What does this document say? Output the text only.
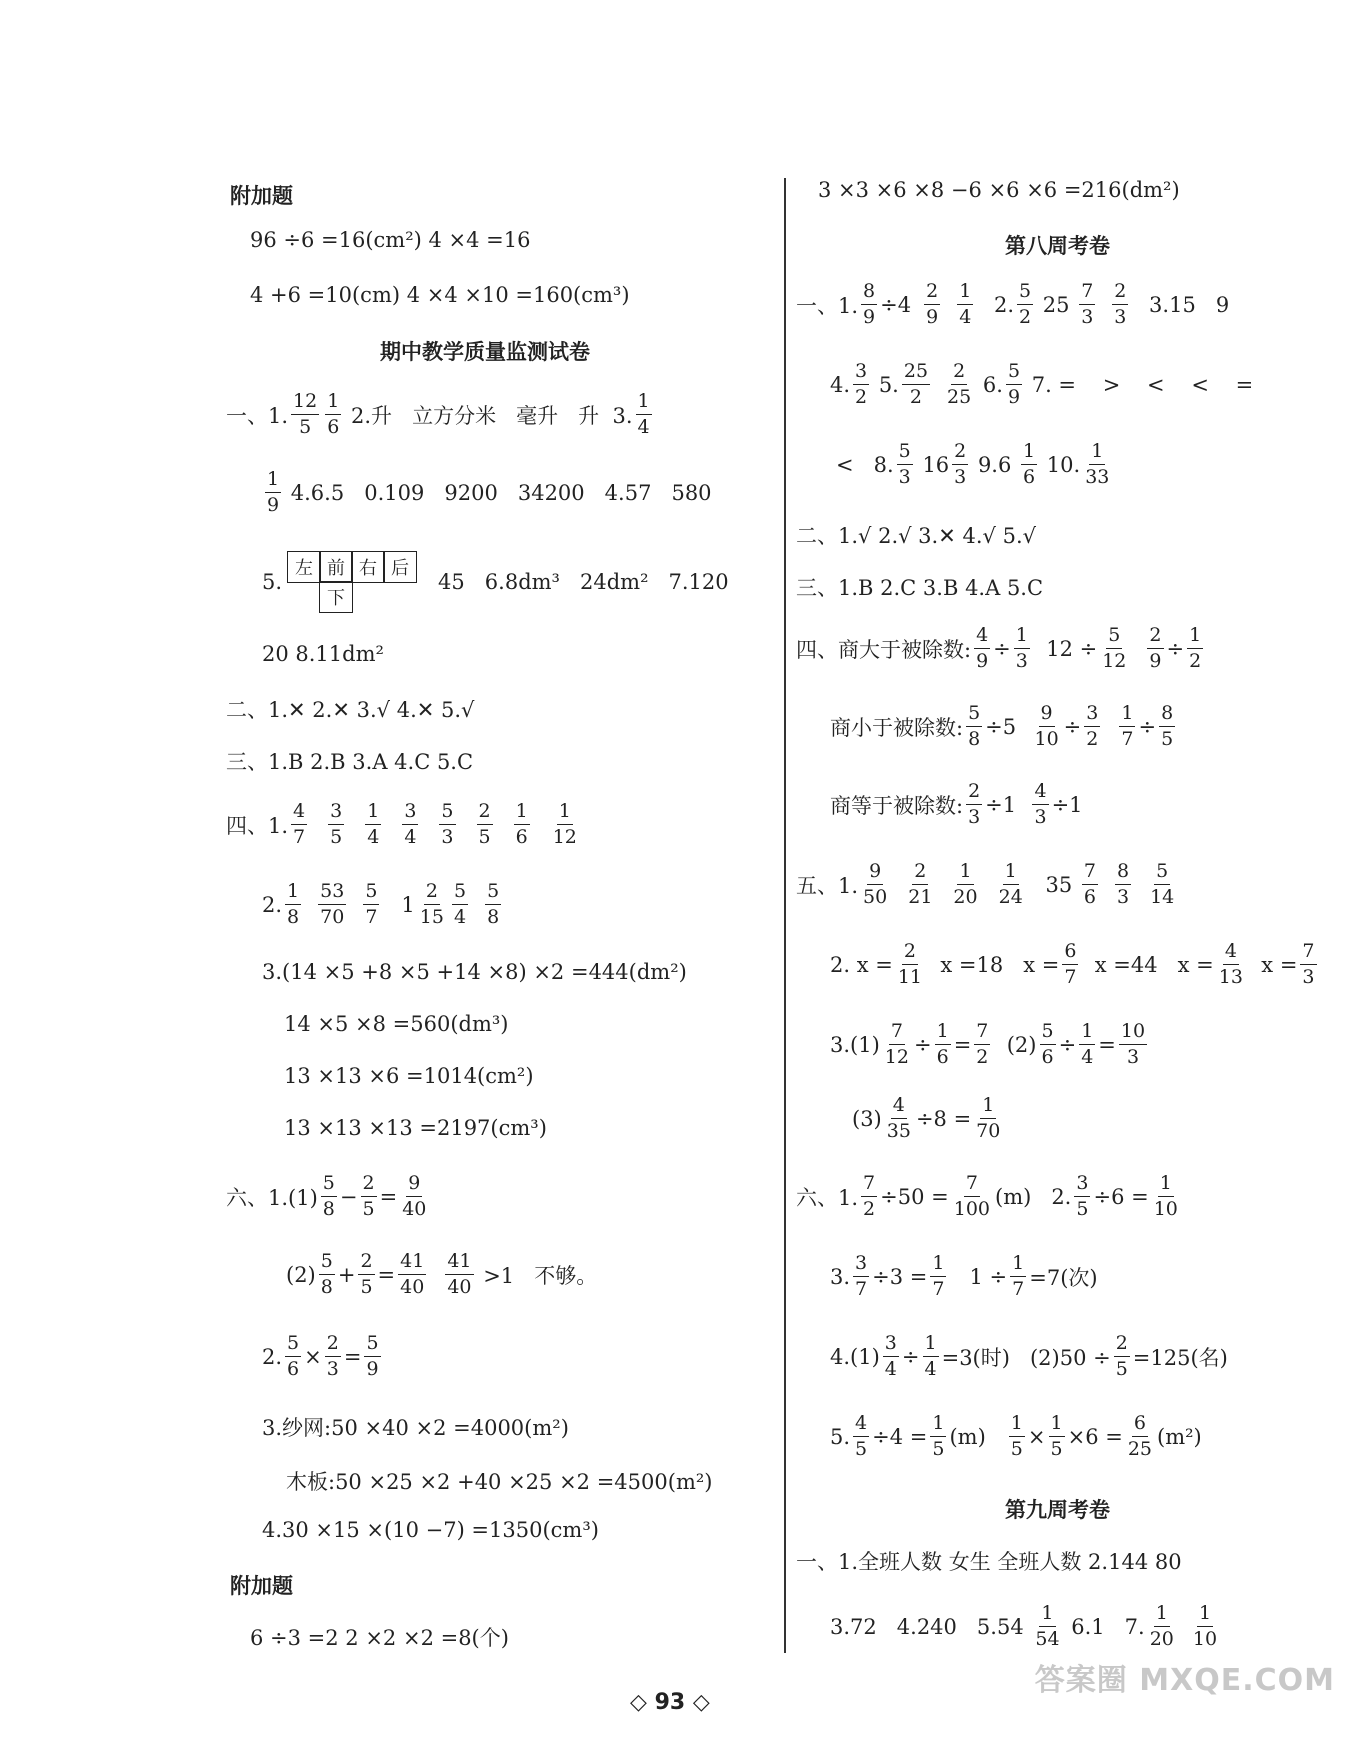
附加题
96 ÷6 =16(cm²) 4 ×4 =16
4 +6 =10(cm) 4 ×4 ×10 =160(cm³)
期中教学质量监测试卷
一、1. $\frac{12}{5} \frac{1}{6} 2$.升   立方分米   毫升   升  3. $\frac{1}{4}$
$\frac{1}{9} 4.6.5$   0.109   9200   34200   4.57   580
5.
左 前 右 后
下
45   6.8dm³   24dm²   7.120
20 8.11dm²
二、1.✕ 2.✕ 3.√ 4.✕ 5.√
三、1.B 2.B 3.A 4.C 5.C
四、1. $\frac{4}{7} \frac{3}{5} \frac{1}{4} \frac{3}{4} \frac{5}{3} \frac{2}{5} \frac{1}{6} \frac{1}{12}$
2. $\frac{1}{8} \frac{53}{70} \frac{5}{7} 1 \frac{2}{15} \frac{5}{4} \frac{5}{8}$
3.(14 ×5 +8 ×5 +14 ×8) ×2 =444(dm²)
14 ×5 ×8 =560(dm³)
13 ×13 ×6 =1014(cm²)
13 ×13 ×13 =2197(cm³)
六、$1.(1) \frac{5}{8} - \frac{2}{5} = \frac{9}{40}$
$(2) \frac{5}{8} + \frac{2}{5} = \frac{41}{40} \frac{41}{40} >1$   不够。
2. $\frac{5}{6} \times \frac{2}{3} = \frac{5}{9}$
3.纱网:50 ×40 ×2 =4000(m²)
木板:50 ×25 ×2 +40 ×25 ×2 =4500(m²)
4.30 ×15 ×(10 −7) =1350(cm³)
附加题
6 ÷3 =2 2 ×2 ×2 =8(个)
3 ×3 ×6 ×8 −6 ×6 ×6 =216(dm²)
第八周考卷
一、1. $\frac{8}{9} \div 4 \frac{2}{9} \frac{1}{4} 2$. $\frac{5}{2} 25 \frac{7}{3} \frac{2}{3} 3.15$   9
4. $\frac{3}{2} 5$. $\frac{25}{2} \frac{2}{25} 6$. $\frac{5}{9} 7$. =    >    <    <    =
<   8. $\frac{5}{3} 16 \frac{2}{3} 9.6 \frac{1}{6} 10$. $\frac{1}{33}$
二、1.√ 2.√ 3.✕ 4.√ 5.√
三、1.B 2.C 3.B 4.A 5.C
四、商大于被除数: $\frac{4}{9} \div \frac{1}{3} 12 \div \frac{5}{12} \frac{2}{9} \div \frac{1}{2}$
商小于被除数: $\frac{5}{8} \div 5 \frac{9}{10} \div \frac{3}{2} \frac{1}{7} \div \frac{8}{5}$
商等于被除数: $\frac{2}{3} \div 1 \frac{4}{3} \div 1$
五、1. $\frac{9}{50} \frac{2}{21} \frac{1}{20} \frac{1}{24} 35 \frac{7}{6} \frac{8}{3} \frac{5}{14}$
2. $x = \frac{2}{11}$ x =18   $x = \frac{6}{7}$ x =44   $x = \frac{4}{13}$ $x = \frac{7}{3}$
$3.(1) \frac{7}{12} \div \frac{1}{6} = \frac{7}{2} (2) \frac{5}{6} \div \frac{1}{4} = \frac{10}{3}$
$(3) \frac{4}{35} \div 8 = \frac{1}{70}$
六、1. $\frac{7}{2} \div 50 = \frac{7}{100} (m)$   2. $\frac{3}{5} \div 6 = \frac{1}{10}$
3. $\frac{3}{7} \div 3 = \frac{1}{7} 1 \div \frac{1}{7} =7$(次)
$4.(1) \frac{3}{4} \div \frac{1}{4} =3$(时)   $(2)50 \div \frac{2}{5} =125$(名)
5. $\frac{4}{5} \div 4 = \frac{1}{5} (m) \frac{1}{5} \times \frac{1}{5} \times 6 = \frac{6}{25} (m^2)$
第九周考卷
一、1.全班人数 女生 全班人数 2.144 80
3.72   4.240   $5.54 \frac{1}{54} 6.1$   7. $\frac{1}{20} \frac{1}{10}$
◇ 93 ◇
答案圈 MXQE.COM
